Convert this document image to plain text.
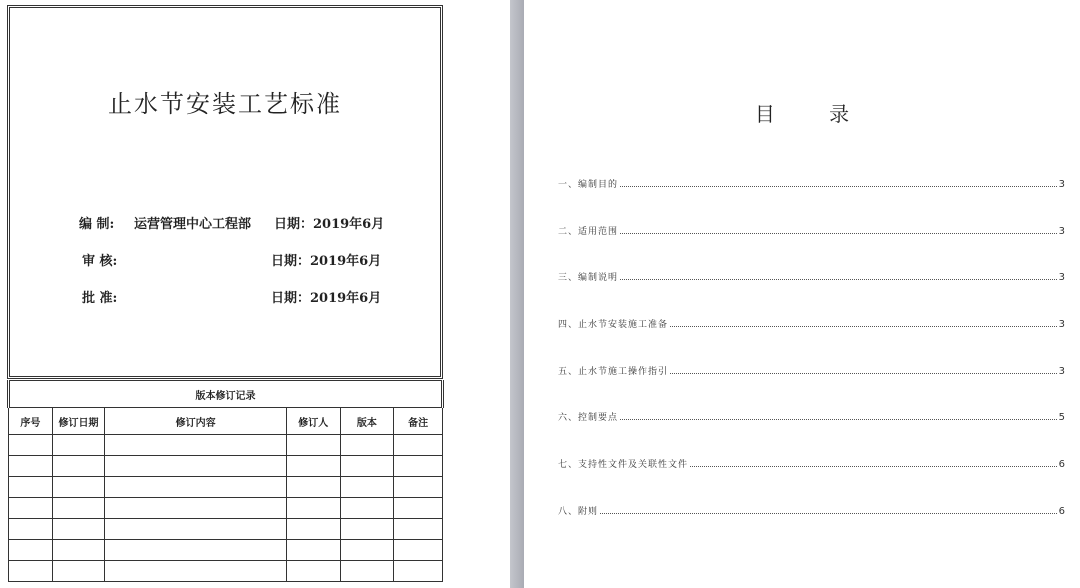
止水节安装工艺标准
编 制: 运营管理中心工程部 日期：2019年6月
审 核:	日期：2019年6月
批 准:	日期：2019年6月
版本修订记录					
序号	修订日期	修订内容	修订人	版本	备注

目 录
一、编制目的	3
二、适用范围	3
三、编制说明	3
四、止水节安装施工准备	3
五、止水节施工操作指引	3
六、控制要点	5
七、支持性文件及关联性文件	6
八、附则	6
